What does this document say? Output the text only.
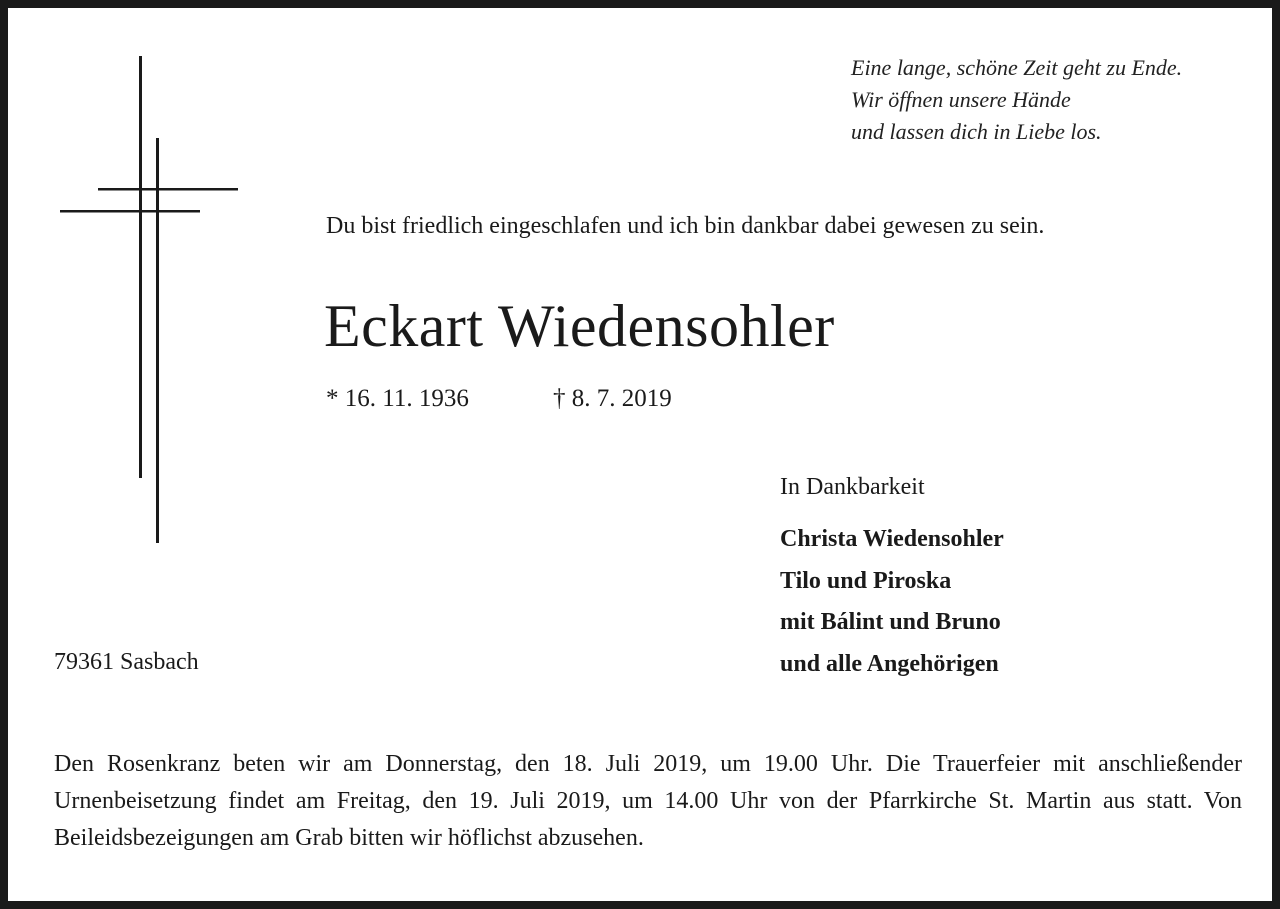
Eine lange, schöne Zeit geht zu Ende.
Wir öffnen unsere Hände
und lassen dich in Liebe los.
Du bist friedlich eingeschlafen und ich bin dankbar dabei gewesen zu sein.
Eckart Wiedensohler
* 16. 11. 1936	† 8. 7. 2019
In Dankbarkeit
Christa Wiedensohler
Tilo und Piroska
mit Bálint und Bruno
und alle Angehörigen
79361 Sasbach
Den Rosenkranz beten wir am Donnerstag, den 18. Juli 2019, um 19.00 Uhr. Die Trauerfeier mit anschließender Urnenbeisetzung findet am Freitag, den 19. Juli 2019, um 14.00 Uhr von der Pfarrkirche St. Martin aus statt. Von Beileidsbezeigungen am Grab bitten wir höflichst abzusehen.
